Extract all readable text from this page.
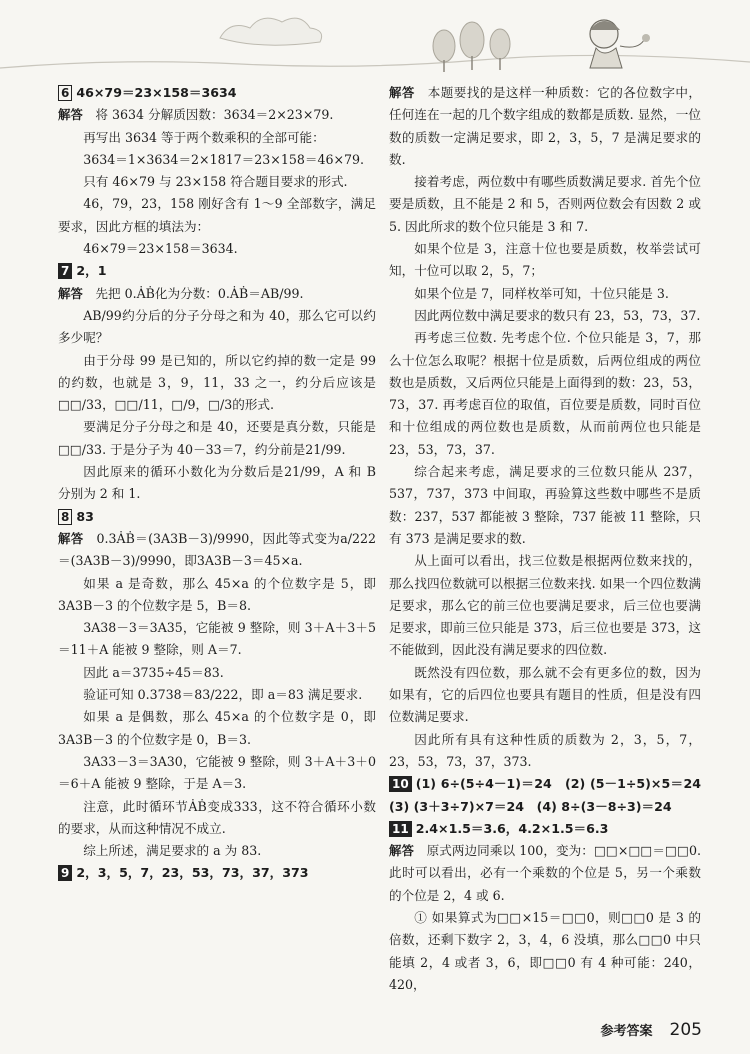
6 46×79＝23×158＝3634

解答　 将 3634 分解质因数：3634＝2×23×79.

再写出 3634 等于两个数乘积的全部可能：

3634＝1×3634＝2×1817＝23×158＝46×79.

只有 46×79 与 23×158 符合题目要求的形式.

46，79，23，158 刚好含有 1～9 全部数字，满足要求，因此方框的填法为：

46×79＝23×158＝3634.

7 2，1

解答　 先把 0.ȦḂ化为分数：0.ȦḂ＝AB/99.

AB/99约分后的分子分母之和为 40，那么它可以约多少呢？

由于分母 99 是已知的，所以它约掉的数一定是 99 的约数，也就是 3，9，11，33 之一，约分后应该是□□/33，□□/11，□/9，□/3的形式.

要满足分子分母之和是 40，还要是真分数，只能是□□/33. 于是分子为 40－33＝7，约分前是21/99.

因此原来的循环小数化为分数后是21/99，A 和 B 分别为 2 和 1.

8 83

解答　 0.3ȦḂ＝(3A3B－3)/9990，因此等式变为a/222＝(3A3B－3)/9990，即3A3B－3＝45×a.

如果 a 是奇数，那么 45×a 的个位数字是 5，即3A3B－3 的个位数字是 5，B＝8.

3A38－3＝3A35，它能被 9 整除，则 3＋A＋3＋5＝11＋A 能被 9 整除，则 A＝7.

因此 a＝3735÷45＝83.

验证可知 0.3738＝83/222，即 a＝83 满足要求.

如果 a 是偶数，那么 45×a 的个位数字是 0，即3A3B－3 的个位数字是 0，B＝3.

3A33－3＝3A30，它能被 9 整除，则 3＋A＋3＋0＝6＋A 能被 9 整除，于是 A＝3.

注意，此时循环节ȦḂ变成333，这不符合循环小数的要求，从而这种情况不成立.

综上所述，满足要求的 a 为 83.

9 2，3，5，7，23，53，73，37，373

解答　 本题要找的是这样一种质数：它的各位数字中，任何连在一起的几个数字组成的数都是质数. 显然，一位数的质数一定满足要求，即 2，3，5，7 是满足要求的数.

接着考虑，两位数中有哪些质数满足要求. 首先个位要是质数，且不能是 2 和 5，否则两位数会有因数 2 或 5. 因此所求的数个位只能是 3 和 7.

如果个位是 3，注意十位也要是质数，枚举尝试可知，十位可以取 2，5，7；

如果个位是 7，同样枚举可知，十位只能是 3.

因此两位数中满足要求的数只有 23，53，73，37.

再考虑三位数. 先考虑个位. 个位只能是 3，7，那么十位怎么取呢？根据十位是质数，后两位组成的两位数也是质数，又后两位只能是上面得到的数：23，53，73，37. 再考虑百位的取值，百位要是质数，同时百位和十位组成的两位数也是质数，从而前两位也只能是 23，53，73，37.

综合起来考虑，满足要求的三位数只能从 237，537，737，373 中间取，再验算这些数中哪些不是质数：237，537 都能被 3 整除，737 能被 11 整除，只有 373 是满足要求的数.

从上面可以看出，找三位数是根据两位数来找的，那么找四位数就可以根据三位数来找. 如果一个四位数满足要求，那么它的前三位也要满足要求，后三位也要满足要求，即前三位只能是 373，后三位也要是 373，这不能做到，因此没有满足要求的四位数.

既然没有四位数，那么就不会有更多位的数，因为如果有，它的后四位也要具有题目的性质，但是没有四位数满足要求.

因此所有具有这种性质的质数为 2，3，5，7，23，53，73，37，373.

10 (1) 6÷(5÷4－1)＝24　(2) (5－1÷5)×5＝24　(3) (3＋3÷7)×7＝24　(4) 8÷(3－8÷3)＝24

11 2.4×1.5＝3.6，4.2×1.5＝6.3

解答　 原式两边同乘以 100，变为：□□×□□＝□□0. 此时可以看出，必有一个乘数的个位是 5，另一个乘数的个位是 2，4 或 6.

① 如果算式为□□×15＝□□0，则□□0 是 3 的倍数，还剩下数字 2，3，4，6 没填，那么□□0 中只能填 2，4 或者 3，6，即□□0 有 4 种可能：240，420，

参考答案 205
